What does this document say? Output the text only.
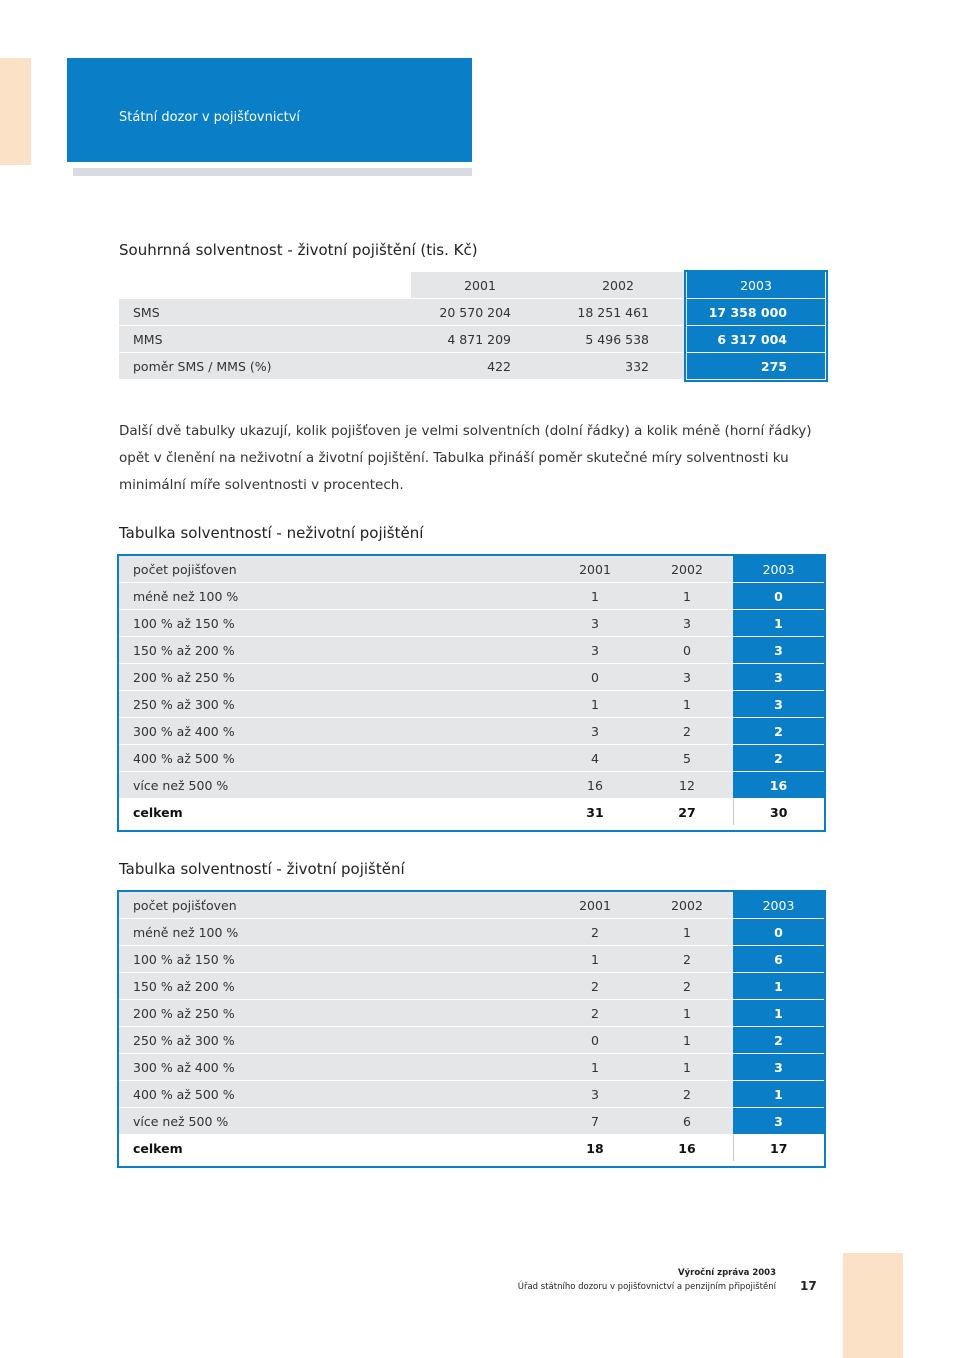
Státní dozor v pojišťovnictví
Souhrnná solventnost - životní pojištění (tis. Kč)
	2001	2002	2003
SMS	20 570 204	18 251 461	17 358 000
MMS	4 871 209	5 496 538	6 317 004
poměr SMS / MMS (%)	422	332	275
Další dvě tabulky ukazují, kolik pojišťoven je velmi solventních (dolní řádky) a kolik méně (horní řádky) opět v členění na neživotní a životní pojištění. Tabulka přináší poměr skutečné míry solventnosti ku minimální míře solventnosti v procentech.
Tabulka solventností - neživotní pojištění
počet pojišťoven	2001	2002	2003
méně než 100 %	1	1	0
100 % až 150 %	3	3	1
150 % až 200 %	3	0	3
200 % až 250 %	0	3	3
250 % až 300 %	1	1	3
300 % až 400 %	3	2	2
400 % až 500 %	4	5	2
více než 500 %	16	12	16
celkem	31	27	30
Tabulka solventností - životní pojištění
počet pojišťoven	2001	2002	2003
méně než 100 %	2	1	0
100 % až 150 %	1	2	6
150 % až 200 %	2	2	1
200 % až 250 %	2	1	1
250 % až 300 %	0	1	2
300 % až 400 %	1	1	3
400 % až 500 %	3	2	1
více než 500 %	7	6	3
celkem	18	16	17
Výroční zpráva 2003
Úřad státního dozoru v pojišťovnictví a penzijním připojištění 17
